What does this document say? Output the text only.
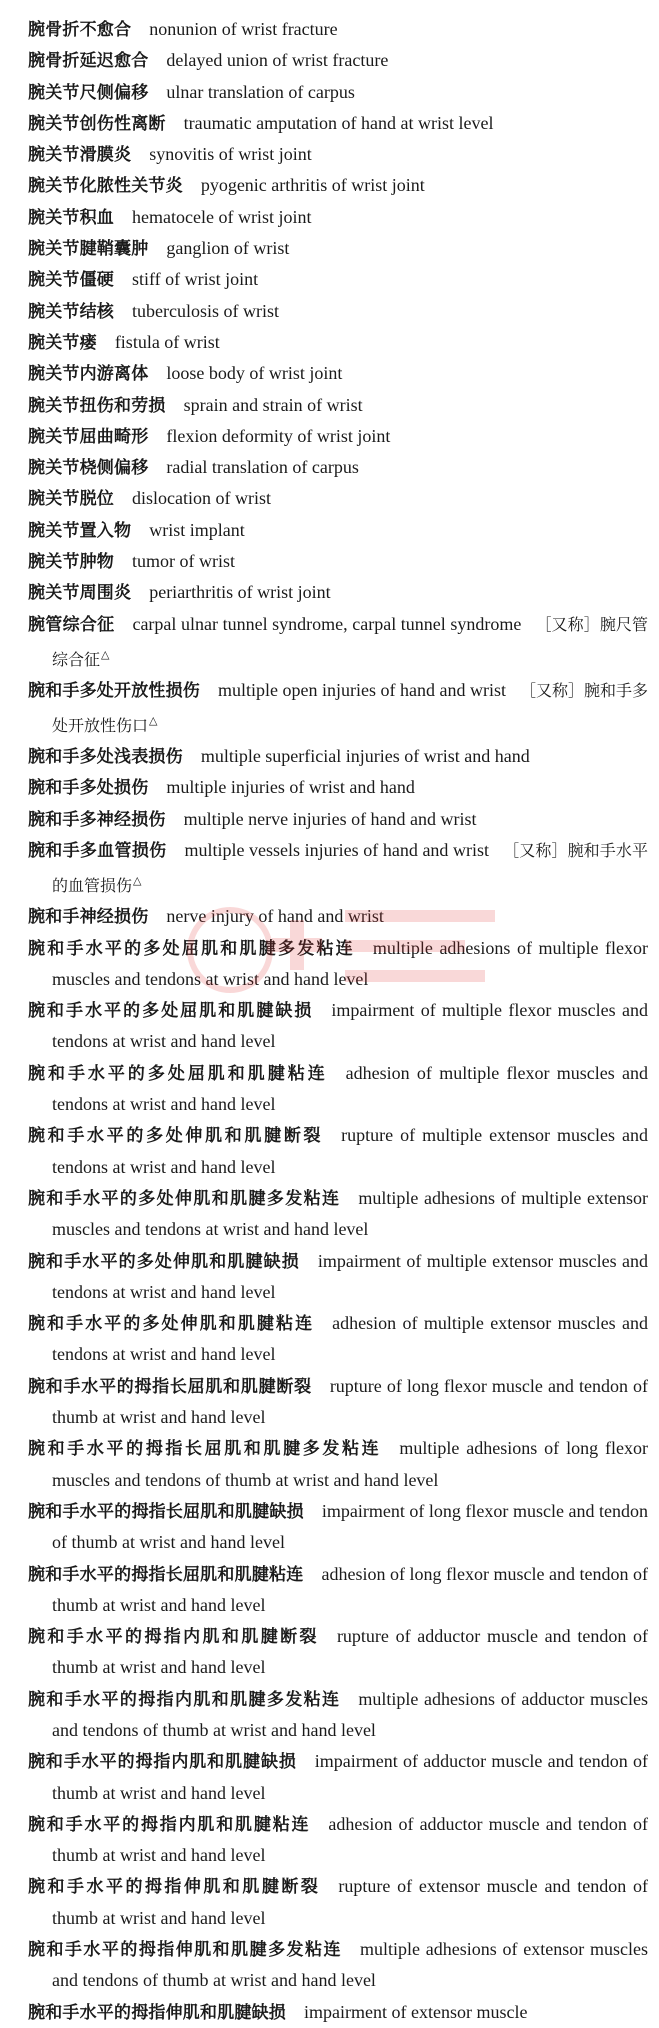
腕骨折不愈合 nonunion of wrist fracture

腕骨折延迟愈合 delayed union of wrist fracture

腕关节尺侧偏移 ulnar translation of carpus

腕关节创伤性离断 traumatic amputation of hand at wrist level

腕关节滑膜炎 synovitis of wrist joint

腕关节化脓性关节炎 pyogenic arthritis of wrist joint

腕关节积血 hematocele of wrist joint

腕关节腱鞘囊肿 ganglion of wrist

腕关节僵硬 stiff of wrist joint

腕关节结核 tuberculosis of wrist

腕关节瘘 fistula of wrist

腕关节内游离体 loose body of wrist joint

腕关节扭伤和劳损 sprain and strain of wrist

腕关节屈曲畸形 flexion deformity of wrist joint

腕关节桡侧偏移 radial translation of carpus

腕关节脱位 dislocation of wrist

腕关节置入物 wrist implant

腕关节肿物 tumor of wrist

腕关节周围炎 periarthritis of wrist joint

腕管综合征 carpal ulnar tunnel syndrome, carpal tunnel syndrome ［又称］腕尺管综合征△

腕和手多处开放性损伤 multiple open injuries of hand and wrist ［又称］腕和手多处开放性伤口△

腕和手多处浅表损伤 multiple superficial injuries of wrist and hand

腕和手多处损伤 multiple injuries of wrist and hand

腕和手多神经损伤 multiple nerve injuries of hand and wrist

腕和手多血管损伤 multiple vessels injuries of hand and wrist ［又称］腕和手水平的血管损伤△

腕和手神经损伤 nerve injury of hand and wrist

腕和手水平的多处屈肌和肌腱多发粘连 multiple adhesions of multiple flexor muscles and tendons at wrist and hand level

腕和手水平的多处屈肌和肌腱缺损 impairment of multiple flexor muscles and tendons at wrist and hand level

腕和手水平的多处屈肌和肌腱粘连 adhesion of multiple flexor muscles and tendons at wrist and hand level

腕和手水平的多处伸肌和肌腱断裂 rupture of multiple extensor muscles and tendons at wrist and hand level

腕和手水平的多处伸肌和肌腱多发粘连 multiple adhesions of multiple extensor muscles and tendons at wrist and hand level

腕和手水平的多处伸肌和肌腱缺损 impairment of multiple extensor muscles and tendons at wrist and hand level

腕和手水平的多处伸肌和肌腱粘连 adhesion of multiple extensor muscles and tendons at wrist and hand level

腕和手水平的拇指长屈肌和肌腱断裂 rupture of long flexor muscle and tendon of thumb at wrist and hand level

腕和手水平的拇指长屈肌和肌腱多发粘连 multiple adhesions of long flexor muscles and tendons of thumb at wrist and hand level

腕和手水平的拇指长屈肌和肌腱缺损 impairment of long flexor muscle and tendon of thumb at wrist and hand level

腕和手水平的拇指长屈肌和肌腱粘连 adhesion of long flexor muscle and tendon of thumb at wrist and hand level

腕和手水平的拇指内肌和肌腱断裂 rupture of adductor muscle and tendon of thumb at wrist and hand level

腕和手水平的拇指内肌和肌腱多发粘连 multiple adhesions of adductor muscles and tendons of thumb at wrist and hand level

腕和手水平的拇指内肌和肌腱缺损 impairment of adductor muscle and tendon of thumb at wrist and hand level

腕和手水平的拇指内肌和肌腱粘连 adhesion of adductor muscle and tendon of thumb at wrist and hand level

腕和手水平的拇指伸肌和肌腱断裂 rupture of extensor muscle and tendon of thumb at wrist and hand level

腕和手水平的拇指伸肌和肌腱多发粘连 multiple adhesions of extensor muscles and tendons of thumb at wrist and hand level

腕和手水平的拇指伸肌和肌腱缺损 impairment of extensor muscle
